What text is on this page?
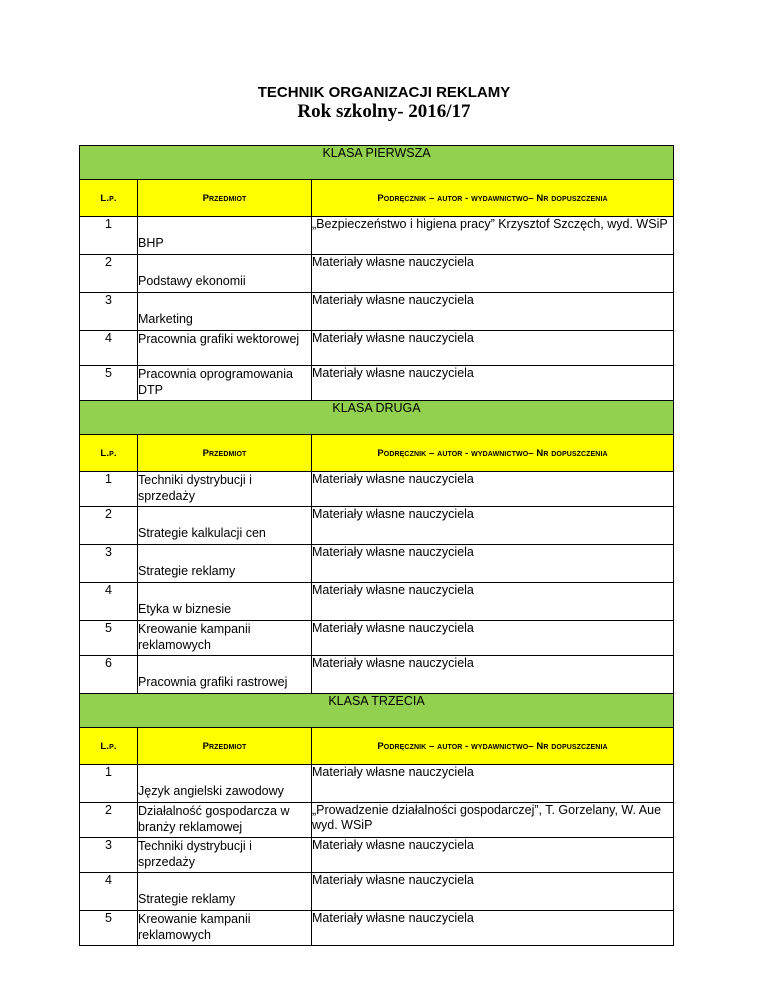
TECHNIK ORGANIZACJI REKLAMY
Rok szkolny- 2016/17
KLASA PIERWSZA		
L.p.	Przedmiot	Podręcznik – autor - wydawnictwo– Nr dopuszczenia
1	BHP	„Bezpieczeństwo i higiena pracy” Krzysztof Szczęch, wyd. WSiP
2	Podstawy ekonomii	Materiały własne nauczyciela
3	Marketing	Materiały własne nauczyciela
4	Pracownia grafiki wektorowej	Materiały własne nauczyciela
5	Pracownia oprogramowania DTP	Materiały własne nauczyciela
KLASA DRUGA		
L.p.	Przedmiot	Podręcznik – autor - wydawnictwo– Nr dopuszczenia
1	Techniki dystrybucji i sprzedaży	Materiały własne nauczyciela
2	Strategie kalkulacji cen	Materiały własne nauczyciela
3	Strategie reklamy	Materiały własne nauczyciela
4	Etyka w biznesie	Materiały własne nauczyciela
5	Kreowanie kampanii reklamowych	Materiały własne nauczyciela
6	Pracownia grafiki rastrowej	Materiały własne nauczyciela
KLASA TRZECIA		
L.p.	Przedmiot	Podręcznik – autor - wydawnictwo– Nr dopuszczenia
1	Język angielski zawodowy	Materiały własne nauczyciela
2	Działalność gospodarcza w branży reklamowej	„Prowadzenie działalności gospodarczej”, T. Gorzelany, W. Aue wyd. WSiP
3	Techniki dystrybucji i sprzedaży	Materiały własne nauczyciela
4	Strategie reklamy	Materiały własne nauczyciela
5	Kreowanie kampanii reklamowych	Materiały własne nauczyciela
